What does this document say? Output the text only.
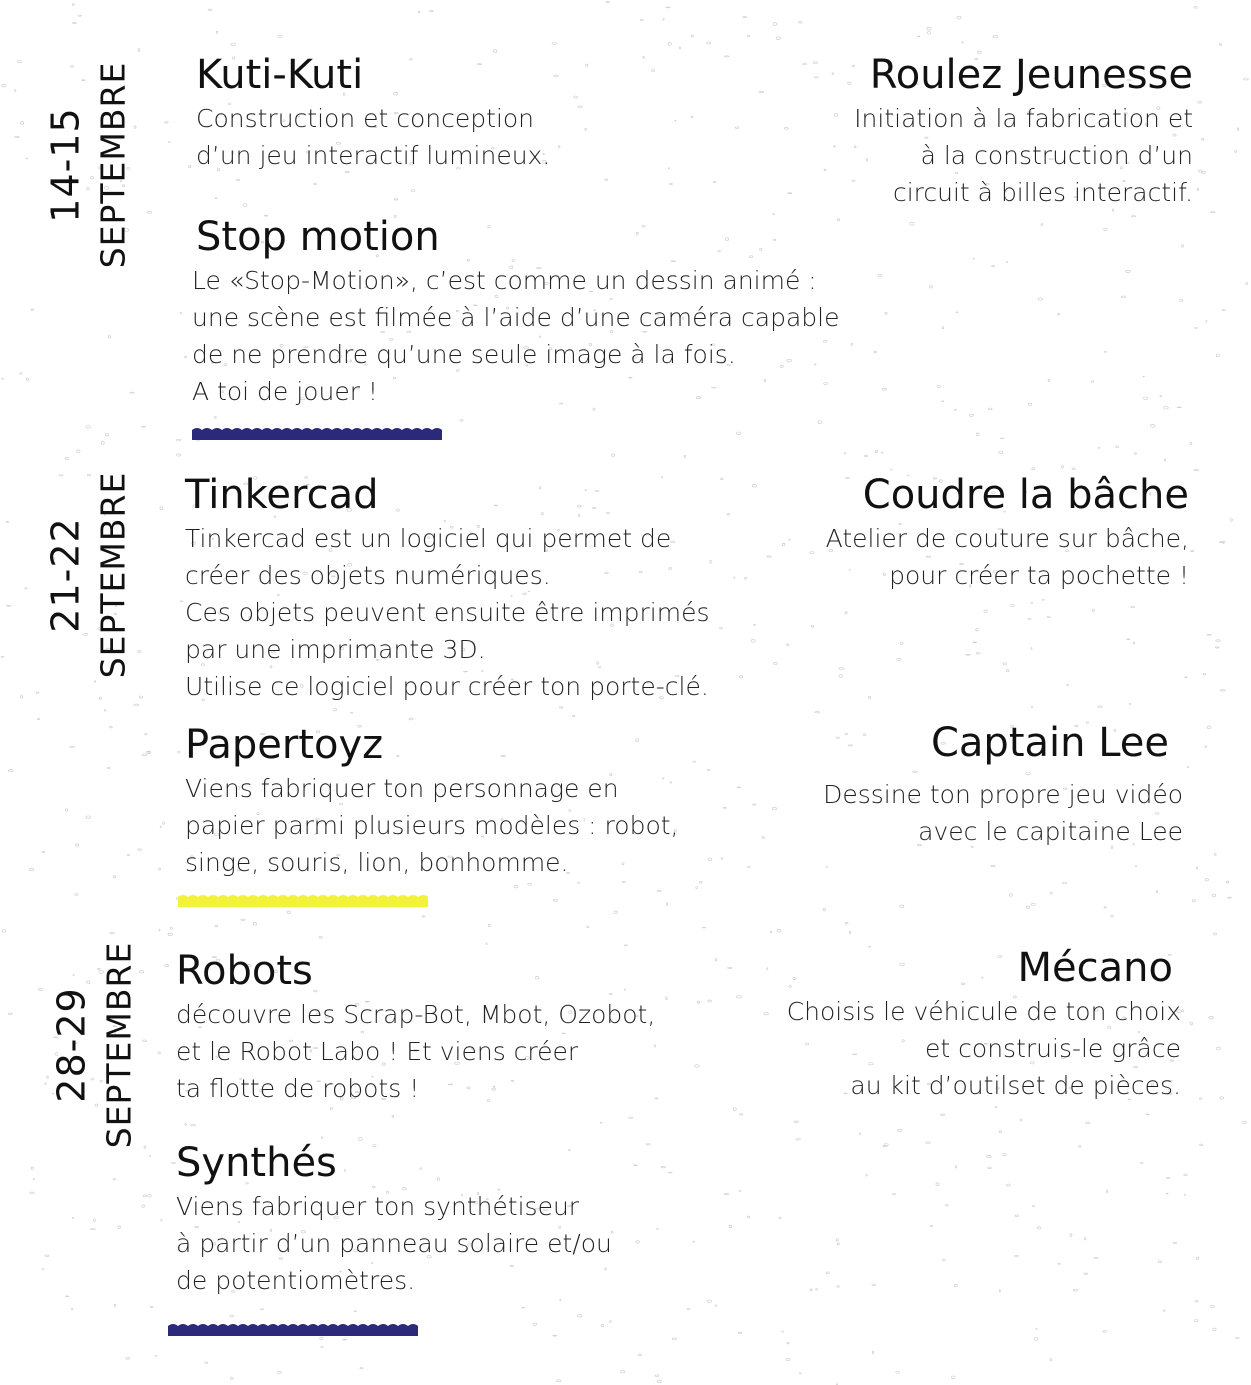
14-15 SEPTEMBRE Kuti-Kuti

Construction et conception
d’un jeu interactif lumineux.

Roulez Jeunesse

Initiation à la fabrication et
à la construction d’un
circuit à billes interactif.

Stop motion

Le «Stop-Motion», c’est comme un dessin animé :
une scène est filmée à l’aide d’une caméra capable
de ne prendre qu’une seule image à la fois.
A toi de jouer !

21-22 SEPTEMBRE Tinkercad

Tinkercad est un logiciel qui permet de
créer des objets numériques.
Ces objets peuvent ensuite être imprimés
par une imprimante 3D.
Utilise ce logiciel pour créer ton porte-clé.

Coudre la bâche

Atelier de couture sur bâche,
pour créer ta pochette !

Papertoyz

Viens fabriquer ton personnage en
papier parmi plusieurs modèles : robot,
singe, souris, lion, bonhomme.

Captain Lee

Dessine ton propre jeu vidéo
avec le capitaine Lee

28-29 SEPTEMBRE Robots

découvre les Scrap-Bot, Mbot, Ozobot,
et le Robot Labo ! Et viens créer
ta flotte de robots !

Mécano

Choisis le véhicule de ton choix
et construis-le grâce
au kit d’outilset de pièces.

Synthés

Viens fabriquer ton synthétiseur
à partir d’un panneau solaire et/ou
de potentiomètres.
